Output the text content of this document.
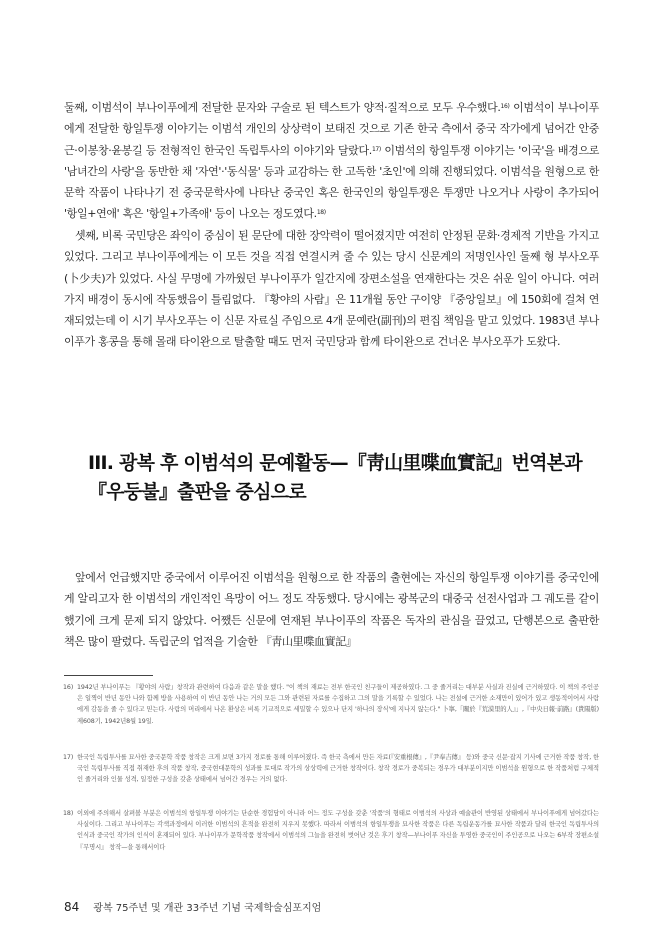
둘째, 이범석이 부나이푸에게 전달한 문자와 구술로 된 텍스트가 양적·질적으로 모두 우수했다.$^{16)}$ 이범석이 부나이푸에게 전달한 항일투쟁 이야기는 이범석 개인의 상상력이 보태진 것으로 기존 한국 측에서 중국 작가에게 넘어간 안중근·이봉창·윤봉길 등 전형적인 한국인 독립투사의 이야기와 달랐다.$^{17)}$ 이범석의 항일투쟁 이야기는 '이국'을 배경으로 '남녀간의 사랑'을 동반한 채 '자연'·'동식물' 등과 교감하는 한 고독한 '초인'에 의해 진행되었다. 이범석을 원형으로 한 문학 작품이 나타나기 전 중국문학사에 나타난 중국인 혹은 한국인의 항일투쟁은 투쟁만 나오거나 사랑이 추가되어 '항일+연애' 혹은 '항일+가족애' 등이 나오는 정도였다.$^{18)}$

셋째, 비록 국민당은 좌익이 중심이 된 문단에 대한 장악력이 떨어졌지만 여전히 안정된 문화·경제적 기반을 가지고 있었다. 그리고 부나이푸에게는 이 모든 것을 직접 연결시켜 줄 수 있는 당시 신문계의 저명인사인 둘째 형 부사오푸(卜少夫)가 있었다. 사실 무명에 가까웠던 부나이푸가 일간지에 장편소설을 연재한다는 것은 쉬운 일이 아니다. 여러 가지 배경이 동시에 작동했음이 틀림없다. 『황야의 사람』은 11개월 동안 구이양 『중앙일보』에 150회에 걸쳐 연재되었는데 이 시기 부사오푸는 이 신문 자료실 주임으로 4개 문예란(副刊)의 편집 책임을 맡고 있었다. 1983년 부나이푸가 홍콩을 통해 몰래 타이완으로 탈출할 때도 먼저 국민당과 함께 타이완으로 건너온 부사오푸가 도왔다.

III. 광복 후 이범석의 문예활동—『靑山里喋血實記』번역본과 『우둥불』출판을 중심으로

앞에서 언급했지만 중국에서 이루어진 이범석을 원형으로 한 작품의 출현에는 자신의 항일투쟁 이야기를 중국인에게 알리고자 한 이범석의 개인적인 욕망이 어느 정도 작동했다. 당시에는 광복군의 대중국 선전사업과 그 궤도를 같이했기에 크게 문제 되지 않았다. 어쨌든 신문에 연재된 부나이푸의 작품은 독자의 관심을 끌었고, 단행본으로 출판한 책은 많이 팔렸다. 독립군의 업적을 기술한 『靑山里喋血實記』

16) 1942년 부나이푸는 『황야의 사람』창작과 관련하여 다음과 같은 말을 했다. "이 책의 재료는 전부 한국인 친구들이 제공하였다. 그 중 줄거리는 대부분 사실과 진실에 근거하였다. 이 책의 주인공은 일찍이 반년 동안 나와 함께 방을 사용하여 이 반년 동안 나는 거의 모든 그와 관련된 자료를 수집하고 그의 말을 기록할 수 있었다. 나는 전설에 근거한 소재만이 있어가 있고 생동적이어서 사람에게 감동을 줄 수 있다고 믿는다. 사람의 머리에서 나온 환상은 비록 기교적으로 세밀할 수 있으나 단지 '하나의 장식'에 지나지 않는다." 卜寧,「關於『荒漠里的人』」,『中央日報·前路』(貴陽版) 제608기, 1942년8월 19일.
17) 한국인 독립투사를 묘사한 중국문학 작품 창작은 크게 보면 3가지 경로를 통해 이루어졌다. 즉 한국 측에서 만든 자료(『安重根傳』,『尹奉吉傳』 등)와 중국 신문·잡지 기사에 근거한 작품 창작, 한국인 독립투사를 직접 취재한 후의 작품 창작, 중국현대문학의 성과를 토대로 작가의 상상력에 근거한 창작이다. 창작 경로가 중복되는 경우가 대부분이지만 이범석을 원형으로 한 작품처럼 구체적인 줄거리와 인물 성격, 일정한 구성을 갖춘 상태에서 넘어간 경우는 거의 없다.
18) 이외에 주의해서 살펴볼 부분은 이범석의 항일투쟁 이야기는 단순한 경험담이 아니라 어느 정도 구성을 갖춘 '작품'의 형태로 이범석의 사상과 예술관이 반영된 상태에서 부나이푸에게 넘어갔다는 사실이다. 그리고 부나이푸는 각색과정에서 이러한 이범석의 흔적을 완전히 지우지 못했다. 따라서 이범석의 항일투쟁을 묘사한 작품은 다른 독립운동가를 묘사한 작품과 달리 한국인 독립투사의 인식과 중국인 작가의 인식이 혼재되어 있다. 부나이푸가 문학작품 창작에서 이범석의 그늘을 완전히 벗어난 것은 후기 창작—부나이푸 자신을 투영한 중국인이 주인공으로 나오는 6부작 장편소설 『무명시』 창작—을 통해서이다
84 광복 75주년 및 개관 33주년 기념 국제학술심포지엄
